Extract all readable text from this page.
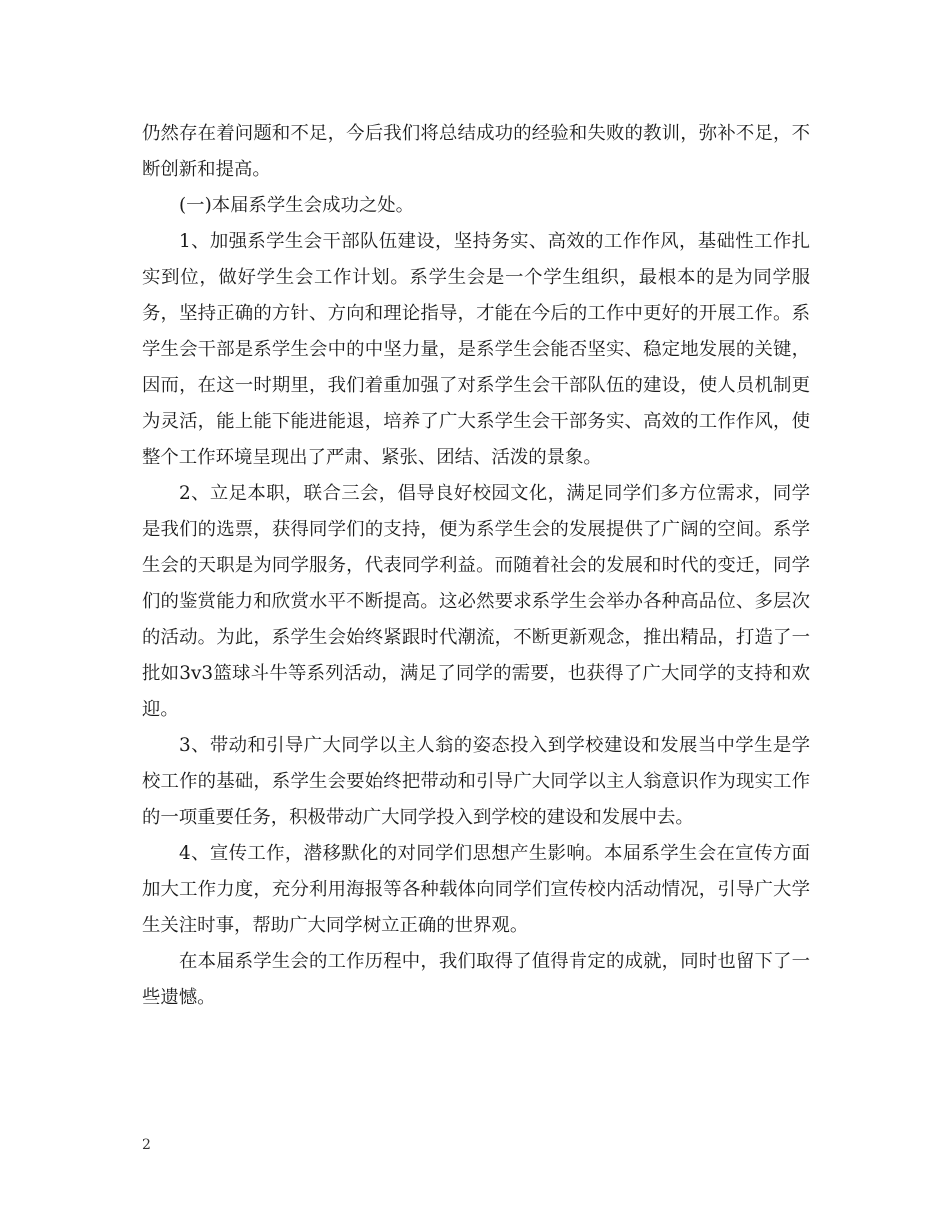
仍然存在着问题和不足，今后我们将总结成功的经验和失败的教训，弥补不足，不断创新和提高。

(一)本届系学生会成功之处。

1、加强系学生会干部队伍建设，坚持务实、高效的工作作风，基础性工作扎实到位，做好学生会工作计划。系学生会是一个学生组织，最根本的是为同学服务，坚持正确的方针、方向和理论指导，才能在今后的工作中更好的开展工作。系学生会干部是系学生会中的中坚力量，是系学生会能否坚实、稳定地发展的关键，因而，在这一时期里，我们着重加强了对系学生会干部队伍的建设，使人员机制更为灵活，能上能下能进能退，培养了广大系学生会干部务实、高效的工作作风，使整个工作环境呈现出了严肃、紧张、团结、活泼的景象。

2、立足本职，联合三会，倡导良好校园文化，满足同学们多方位需求，同学是我们的选票，获得同学们的支持，便为系学生会的发展提供了广阔的空间。系学生会的天职是为同学服务，代表同学利益。而随着社会的发展和时代的变迁，同学们的鉴赏能力和欣赏水平不断提高。这必然要求系学生会举办各种高品位、多层次的活动。为此，系学生会始终紧跟时代潮流，不断更新观念，推出精品，打造了一批如3v3篮球斗牛等系列活动，满足了同学的需要，也获得了广大同学的支持和欢迎。

3、带动和引导广大同学以主人翁的姿态投入到学校建设和发展当中学生是学校工作的基础，系学生会要始终把带动和引导广大同学以主人翁意识作为现实工作的一项重要任务，积极带动广大同学投入到学校的建设和发展中去。

4、宣传工作，潜移默化的对同学们思想产生影响。本届系学生会在宣传方面加大工作力度，充分利用海报等各种载体向同学们宣传校内活动情况，引导广大学生关注时事，帮助广大同学树立正确的世界观。

在本届系学生会的工作历程中，我们取得了值得肯定的成就，同时也留下了一些遗憾。

2
